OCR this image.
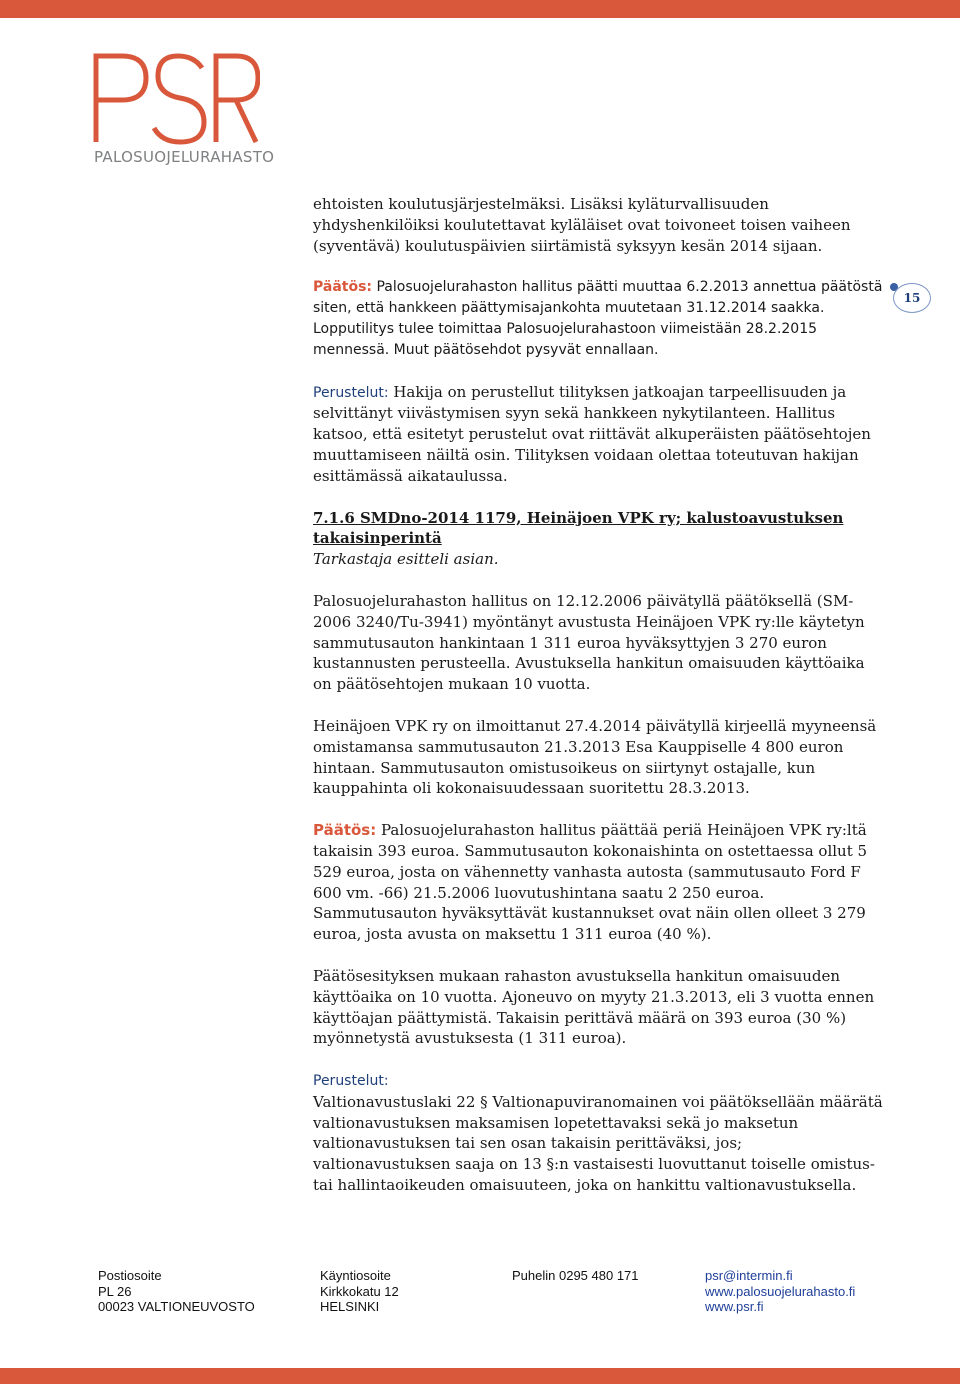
PALOSUOJELURAHASTO
15

ehtoisten koulutusjärjestelmäksi. Lisäksi kyläturvallisuuden yhdyshenkilöiksi koulutettavat kyläläiset ovat toivoneet toisen vaiheen (syventävä) koulutuspäivien siirtämistä syksyyn kesän 2014 sijaan.

Päätös: Palosuojelurahaston hallitus päätti muuttaa 6.2.2013 annettua päätöstä siten, että hankkeen päättymisajankohta muutetaan 31.12.2014 saakka. Lopputilitys tulee toimittaa Palosuojelurahastoon viimeistään 28.2.2015 mennessä. Muut päätösehdot pysyvät ennallaan.

Perustelut: Hakija on perustellut tilityksen jatkoajan tarpeellisuuden ja selvittänyt viivästymisen syyn sekä hankkeen nykytilanteen. Hallitus katsoo, että esitetyt perustelut ovat riittävät alkuperäisten päätösehtojen muuttamiseen näiltä osin. Tilityksen voidaan olettaa toteutuvan hakijan esittämässä aikataulussa.

7.1.6 SMDno-2014 1179, Heinäjoen VPK ry; kalustoavustuksen takaisinperintä

Tarkastaja esitteli asian.

Palosuojelurahaston hallitus on 12.12.2006 päivätyllä päätöksellä (SM-2006 3240/Tu-3941) myöntänyt avustusta Heinäjoen VPK ry:lle käytetyn sammutusauton hankintaan 1 311 euroa hyväksyttyjen 3 270 euron kustannusten perusteella. Avustuksella hankitun omaisuuden käyttöaika on päätösehtojen mukaan 10 vuotta.

Heinäjoen VPK ry on ilmoittanut 27.4.2014 päivätyllä kirjeellä myyneensä omistamansa sammutusauton 21.3.2013 Esa Kauppiselle 4 800 euron hintaan. Sammutusauton omistusoikeus on siirtynyt ostajalle, kun kauppahinta oli kokonaisuudessaan suoritettu 28.3.2013.

Päätös: Palosuojelurahaston hallitus päättää periä Heinäjoen VPK ry:ltä takaisin 393 euroa. Sammutusauton kokonaishinta on ostettaessa ollut 5 529 euroa, josta on vähennetty vanhasta autosta (sammutusauto Ford F 600 vm. -66) 21.5.2006 luovutushintana saatu 2 250 euroa. Sammutusauton hyväksyttävät kustannukset ovat näin ollen olleet 3 279 euroa, josta avusta on maksettu 1 311 euroa (40 %).

Päätösesityksen mukaan rahaston avustuksella hankitun omaisuuden käyttöaika on 10 vuotta. Ajoneuvo on myyty 21.3.2013, eli 3 vuotta ennen käyttöajan päättymistä. Takaisin perittävä määrä on 393 euroa (30 %) myönnetystä avustuksesta (1 311 euroa).

Perustelut:
Valtionavustuslaki 22 § Valtionapuviranomainen voi päätöksellään määrätä valtionavustuksen maksamisen lopetettavaksi sekä jo maksetun valtionavustuksen tai sen osan takaisin perittäväksi, jos; valtionavustuksen saaja on 13 §:n vastaisesti luovuttanut toiselle omistus- tai hallintaoikeuden omaisuuteen, joka on hankittu valtionavustuksella.

Postiosoite
PL 26
00023 VALTIONEUVOSTO
Käyntiosoite
Kirkkokatu 12
HELSINKI
Puhelin 0295 480 171	psr@intermin.fi
www.palosuojelurahasto.fi
www.psr.fi
